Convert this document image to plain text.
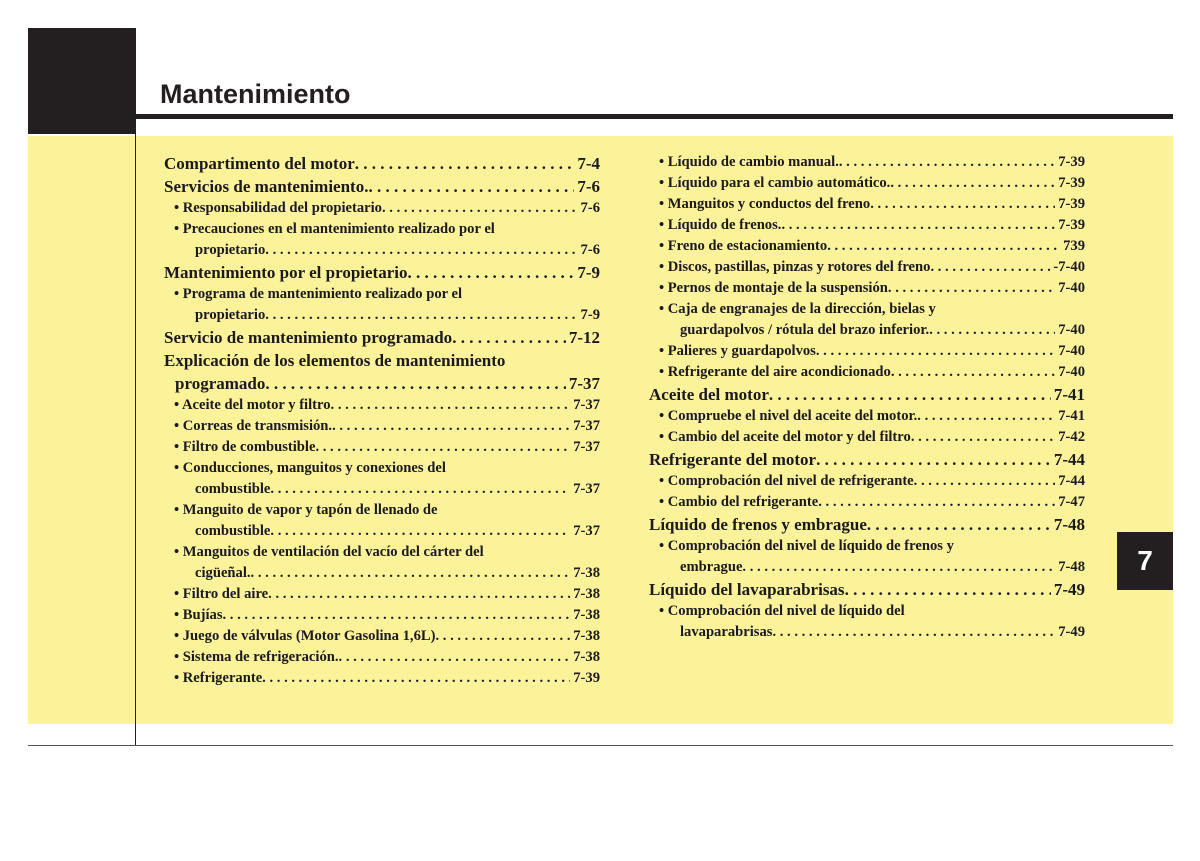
Mantenimiento
Compartimento del motor . . .	7-4
Servicios de mantenimiento. . . .	7-6
• Responsabilidad del propietario . . .	7-6
• Precauciones en el mantenimiento realizado por el
propietario . . .	7-6
Mantenimiento por el propietario . . .	7-9
• Programa de mantenimiento realizado por el
propietario . . .	7-9
Servicio de mantenimiento programado . . .	7-12
Explicación de los elementos de mantenimiento
programado . . .	7-37
• Aceite del motor y filtro . . .	7-37
• Correas de transmisión. . . .	7-37
• Filtro de combustible . . .	7-37
• Conducciones, manguitos y conexiones del
combustible . . .	7-37
• Manguito de vapor y tapón de llenado de
combustible . . .	7-37
• Manguitos de ventilación del vacío del cárter del
cigüeñal. . . .	7-38
• Filtro del aire . . .	7-38
• Bujías . . .	7-38
• Juego de válvulas (Motor Gasolina 1,6L) . . .	7-38
• Sistema de refrigeración. . . .	7-38
• Refrigerante . . .	7-39
• Líquido de cambio manual. . . .	7-39
• Líquido para el cambio automático. . . .	7-39
• Manguitos y conductos del freno . . .	7-39
• Líquido de frenos. . . .	7-39
• Freno de estacionamiento . . .	739
• Discos, pastillas, pinzas y rotores del freno . . .	-7-40
• Pernos de montaje de la suspensión . . .	7-40
• Caja de engranajes de la dirección, bielas y
guardapolvos / rótula del brazo inferior. . . .	7-40
• Palieres y guardapolvos . . .	7-40
• Refrigerante del aire acondicionado . . .	7-40
Aceite del motor . . .	7-41
• Compruebe el nivel del aceite del motor. . . .	7-41
• Cambio del aceite del motor y del filtro . . .	7-42
Refrigerante del motor . . .	7-44
• Comprobación del nivel de refrigerante . . .	7-44
• Cambio del refrigerante . . .	7-47
Líquido de frenos y embrague . . .	7-48
• Comprobación del nivel de líquido de frenos y
embrague . . .	7-48
Líquido del lavaparabrisas . . .	7-49
• Comprobación del nivel de líquido del
lavaparabrisas . . .	7-49
7
